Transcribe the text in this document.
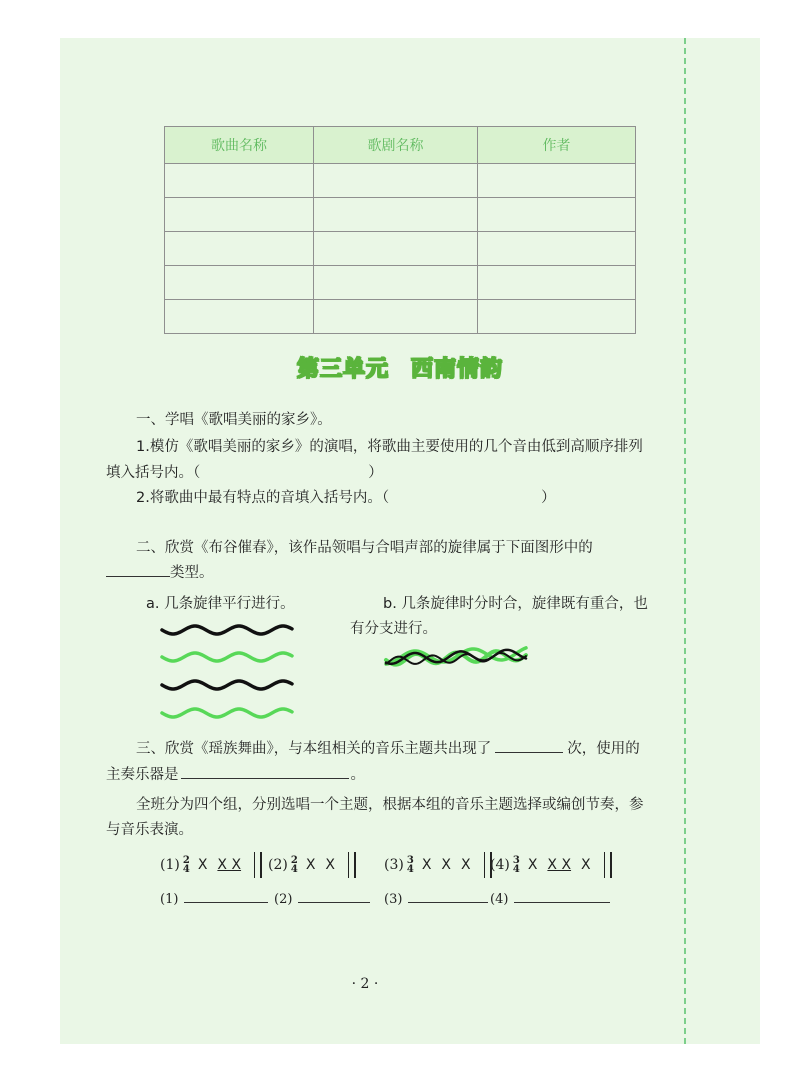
歌曲名称	歌剧名称	作者

第三单元 西南情韵
一、学唱《歌唱美丽的家乡》。
1.模仿《歌唱美丽的家乡》的演唱，将歌曲主要使用的几个音由低到高顺序排列
填入括号内。（	）
2.将歌曲中最有特点的音填入括号内。（	）
二、欣赏《布谷催春》，该作品领唱与合唱声部的旋律属于下面图形中的
类型。
a. 几条旋律平行进行。	b. 几条旋律时分时合，旋律既有重合，也
有分支进行。
三、欣赏《瑶族舞曲》，与本组相关的音乐主题共出现了	次，使用的
主奏乐器是	。
全班分为四个组，分别选唱一个主题，根据本组的音乐主题选择或编创节奏，参
与音乐表演。
(1) 2
4 X X X	(2) 2
4 X X	(3) 3
4 X X X	(4) 3
4 X X X X
(1)	(2)	(3)	(4)
· 2 ·
